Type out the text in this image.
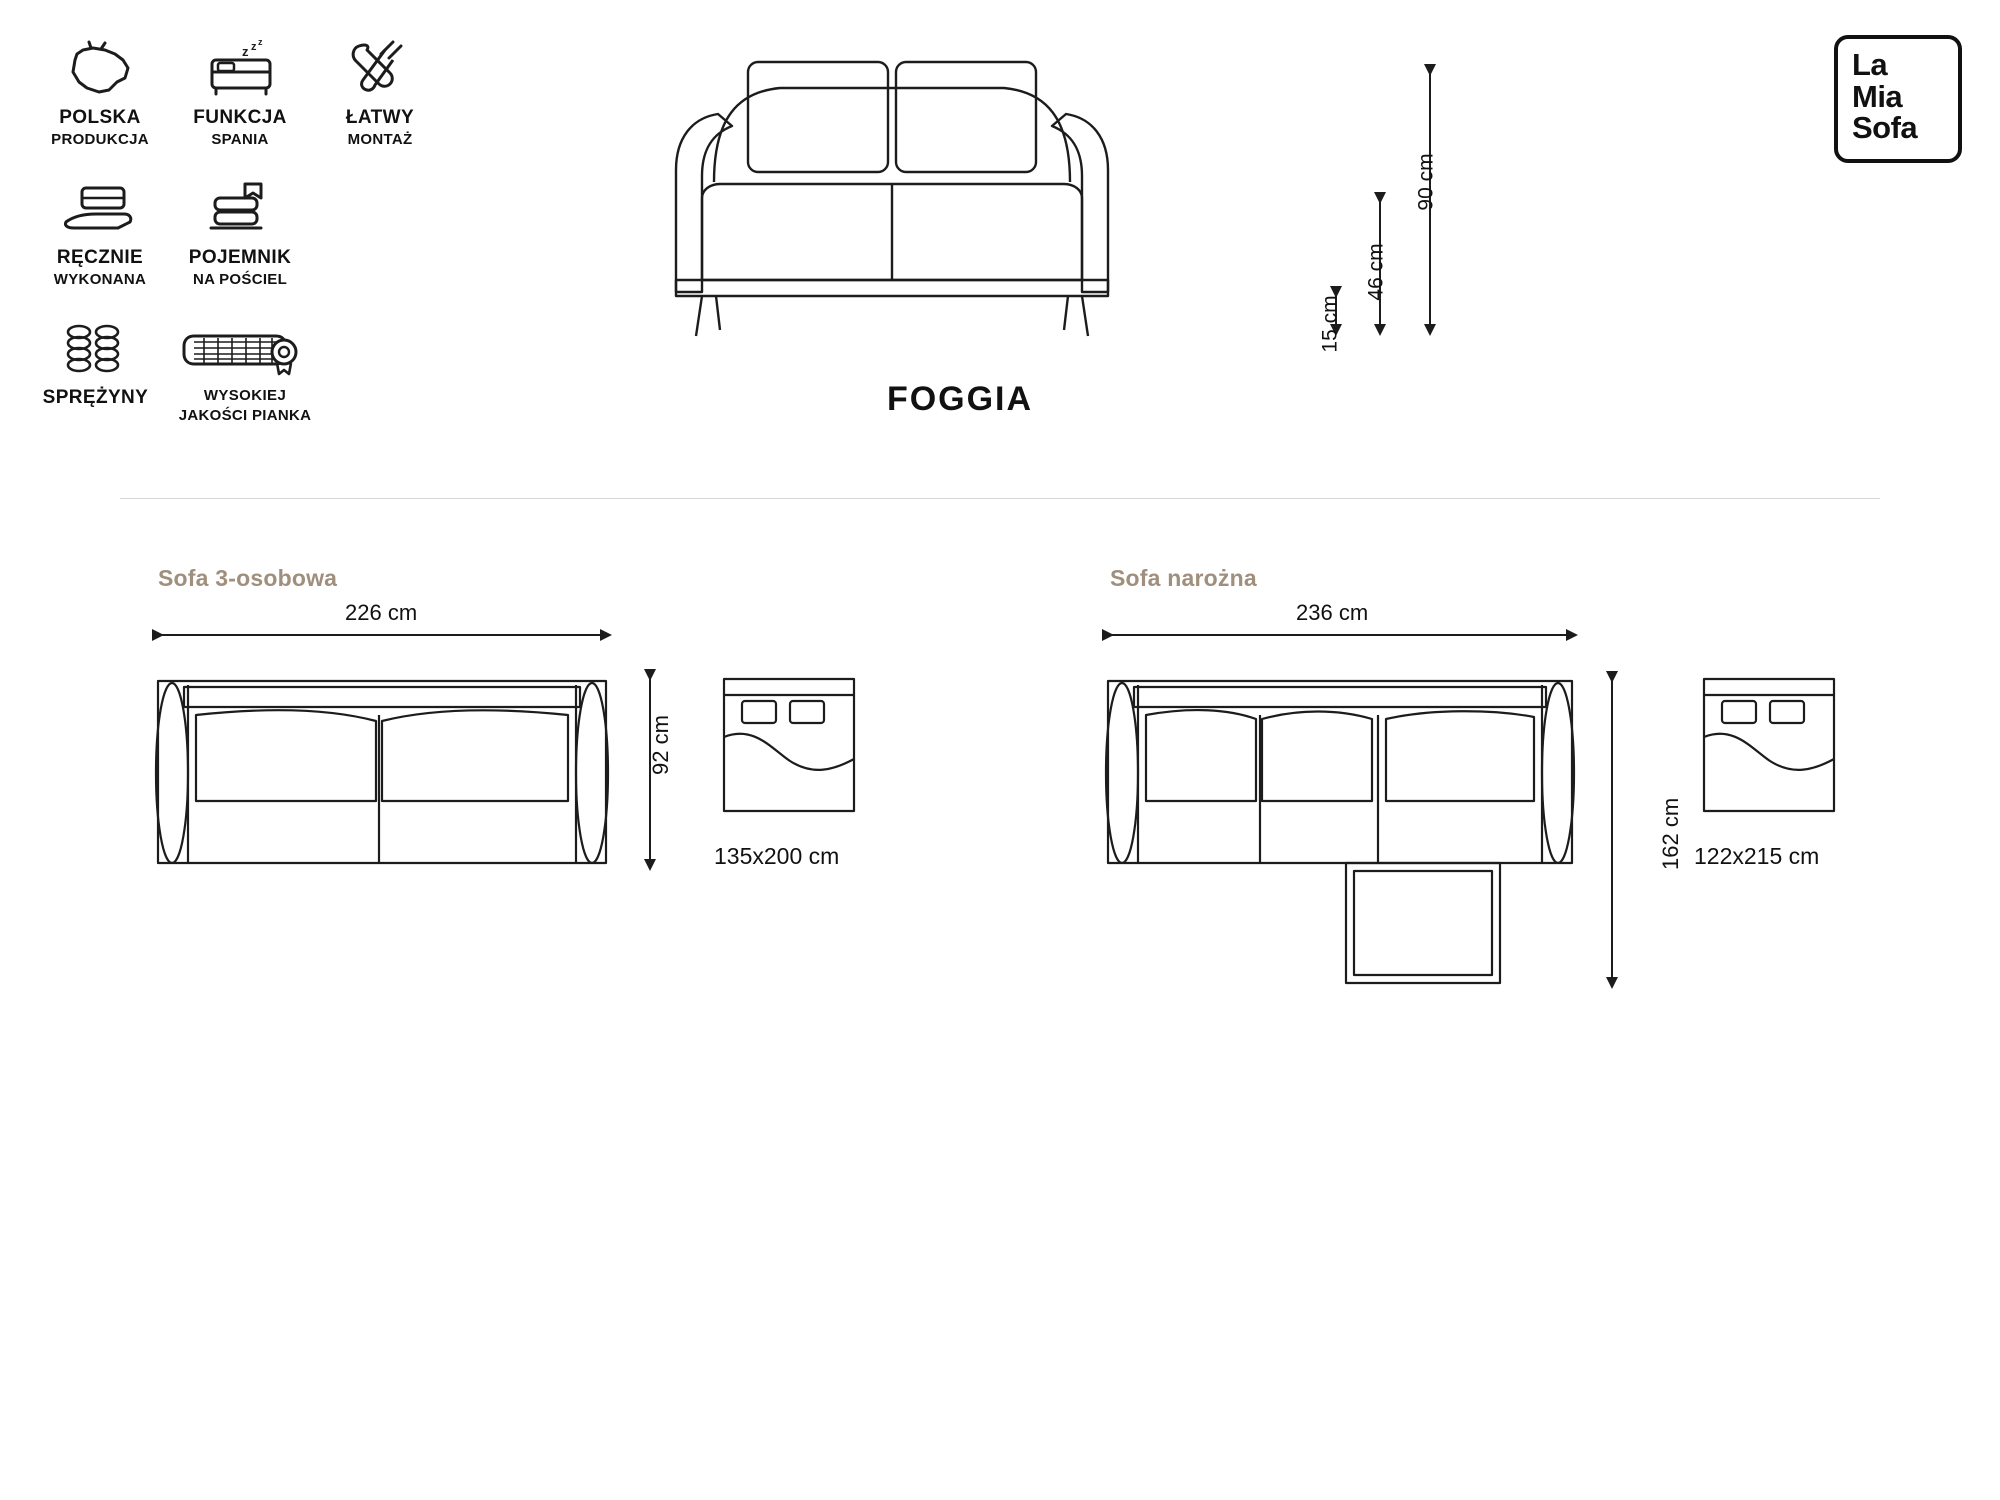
POLSKA
PRODUKCJA
z z z
FUNKCJA
SPANIA
ŁATWY
MONTAŻ
RĘCZNIE
WYKONANA
POJEMNIK
NA POŚCIEL
SPRĘŻYNY	WYSOKIEJ
JAKOŚCI PIANKA	FOGGIA
90 cm
46 cm
15 cm
La
Mia
Sofa
Sofa 3-osobowa
226 cm
92 cm
135x200 cm
Sofa narożna
236 cm
162 cm 122x215 cm
